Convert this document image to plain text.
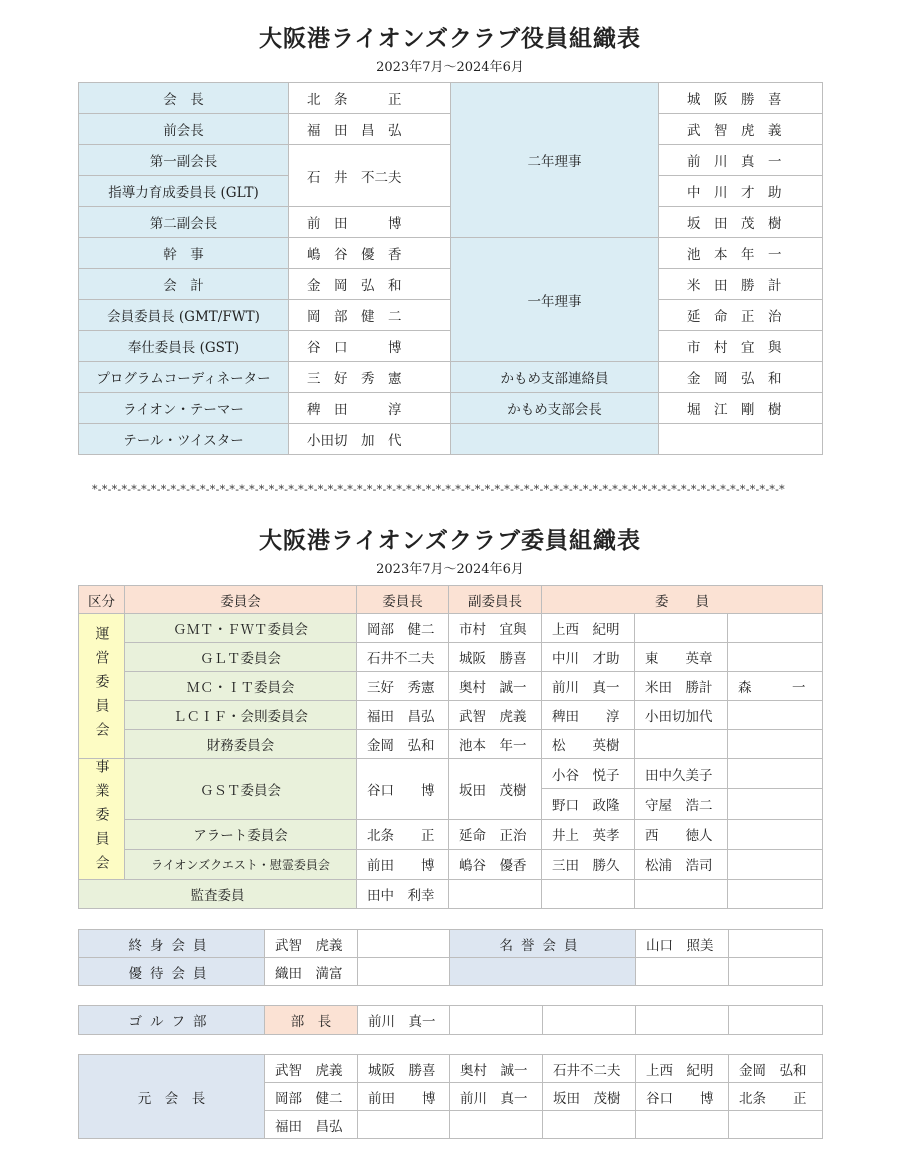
大阪港ライオンズクラブ役員組織表
2023年7月～2024年6月
会　長	北　条　　　正	二年理事	城　阪　勝　喜
前会長	福　田　昌　弘		武　智　虎　義
第一副会長	石　井　不二夫		前　川　真　一
指導力育成委員長 (GLT)			中　川　才　助
第二副会長	前　田　　　博		坂　田　茂　樹
幹　事	嶋　谷　優　香	一年理事	池　本　年　一
会　計	金　岡　弘　和		米　田　勝　計
会員委員長 (GMT/FWT)	岡　部　健　二		延　命　正　治
奉仕委員長 (GST)	谷　口　　　博		市　村　宜　與
プログラムコーディネーター	三　好　秀　憲	かもめ支部連絡員	金　岡　弘　和
ライオン・テーマー	稗　田　　　淳	かもめ支部会長	堀　江　剛　樹
テール・ツイスター	小田切　加　代		
*-*-*-*-*-*-*-*-*-*-*-*-*-*-*-*-*-*-*-*-*-*-*-*-*-*-*-*-*-*-*-*-*-*-*-*-*-*-*-*-*-*-*-*-*-*-*-*-*-*-*-*-*-*-*-*-*-*-*-*-*-*-*-*-*-*-*-*-*-*-*
大阪港ライオンズクラブ委員組織表
2023年7月～2024年6月
区分	委員会	委員長	副委員長	委　　員		

運営委員会	ＧＭＴ・ＦＷＴ委員会	岡部　健二	市村　宜與	上西　紀明		
	ＧＬＴ委員会	石井不二夫	城阪　勝喜	中川　才助	東　　英章	
	ＭＣ・ＩＴ委員会	三好　秀憲	奥村　誠一	前川　真一	米田　勝計	森　　　一
	ＬＣＩＦ・会則委員会	福田　昌弘	武智　虎義	稗田　　淳	小田切加代	
	財務委員会	金岡　弘和	池本　年一	松　　英樹		

事業委員会	ＧＳＴ委員会	谷口　　博	坂田　茂樹	小谷　悦子	田中久美子	
				野口　政隆	守屋　浩二	
	アラート委員会	北条　　正	延命　正治	井上　英孝	西　　徳人	
	ライオンズクエスト・慰霊委員会	前田　　博	嶋谷　優香	三田　勝久	松浦　浩司	
監査委員		田中　利幸				
終身会員	武智　虎義		名誉会員	山口　照美	
優待会員	織田　満富				
ゴルフ部	部　長	前川　真一				
元　会　長	武智　虎義	城阪　勝喜	奥村　誠一	石井不二夫	上西　紀明	金岡　弘和
	岡部　健二	前田　　博	前川　真一	坂田　茂樹	谷口　　博	北条　　正
	福田　昌弘					
